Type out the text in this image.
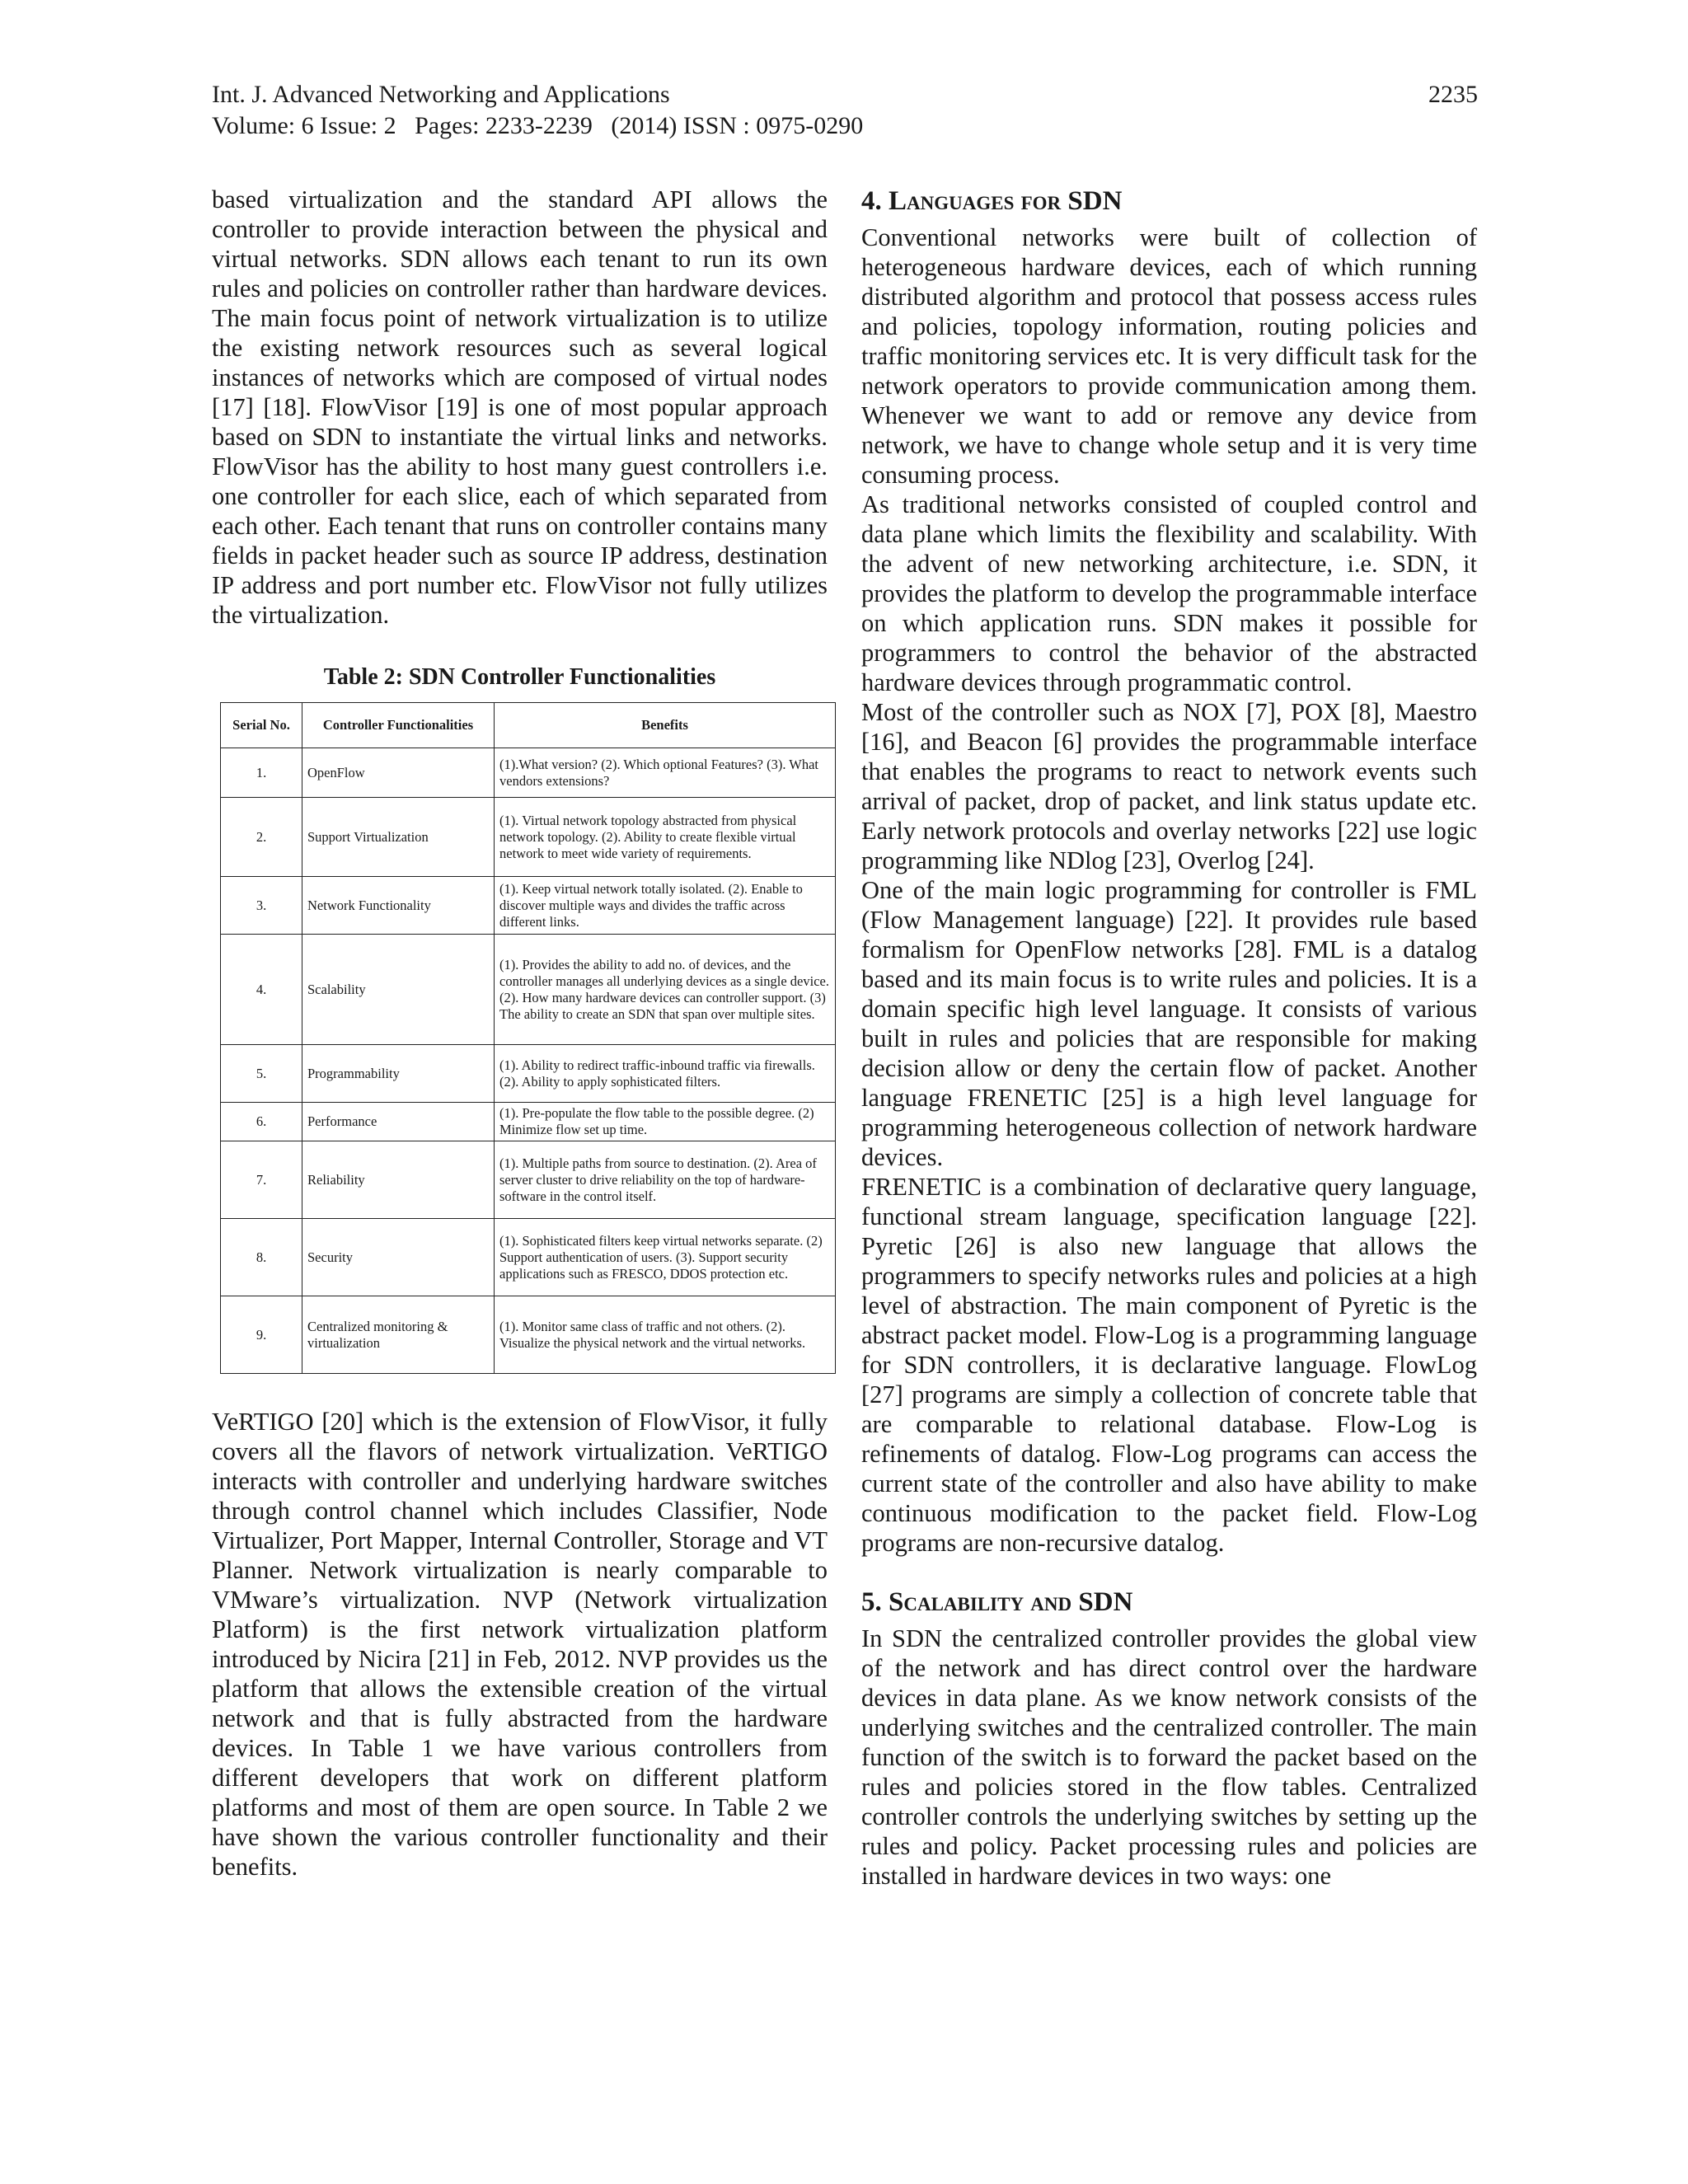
Int. J. Advanced Networking and Applications	2235
Volume: 6 Issue: 2   Pages: 2233-2239   (2014) ISSN : 0975-0290

based virtualization and the standard API allows the controller to provide interaction between the physical and virtual networks. SDN allows each tenant to run its own rules and policies on controller rather than hardware devices. The main focus point of network virtualization is to utilize the existing network resources such as several logical instances of networks which are composed of virtual nodes [17] [18]. FlowVisor [19] is one of most popular approach based on SDN to instantiate the virtual links and networks. FlowVisor has the ability to host many guest controllers i.e. one controller for each slice, each of which separated from each other. Each tenant that runs on controller contains many fields in packet header such as source IP address, destination IP address and port number etc. FlowVisor not fully utilizes the virtualization.

Table 2: SDN Controller Functionalities
Serial No.	Controller Functionalities	Benefits
1.	OpenFlow	(1).What version? (2). Which optional Features? (3). What vendors extensions?
2.	Support Virtualization	(1). Virtual network topology abstracted from physical network topology. (2). Ability to create flexible virtual network to meet wide variety of requirements.
3.	Network Functionality	(1). Keep virtual network totally isolated. (2). Enable to discover multiple ways and divides the traffic across different links.
4.	Scalability	(1). Provides the ability to add no. of devices, and the controller manages all underlying devices as a single device. (2). How many hardware devices can controller support. (3) The ability to create an SDN that span over multiple sites.
5.	Programmability	(1). Ability to redirect traffic-inbound traffic via firewalls. (2). Ability to apply sophisticated filters.
6.	Performance	(1). Pre-populate the flow table to the possible degree. (2) Minimize flow set up time.
7.	Reliability	(1). Multiple paths from source to destination. (2). Area of server cluster to drive reliability on the top of hardware-software in the control itself.
8.	Security	(1). Sophisticated filters keep virtual networks separate. (2) Support authentication of users. (3). Support security applications such as FRESCO, DDOS protection etc.
9.	Centralized monitoring & virtualization	(1). Monitor same class of traffic and not others. (2). Visualize the physical network and the virtual networks.

VeRTIGO [20] which is the extension of FlowVisor, it fully covers all the flavors of network virtualization. VeRTIGO interacts with controller and underlying hardware switches through control channel which includes Classifier, Node Virtualizer, Port Mapper, Internal Controller, Storage and VT Planner. Network virtualization is nearly comparable to VMware’s virtualization. NVP (Network virtualization Platform) is the first network virtualization platform introduced by Nicira [21] in Feb, 2012. NVP provides us the platform that allows the extensible creation of the virtual network and that is fully abstracted from the hardware devices. In Table 1 we have various controllers from different developers that work on different platform platforms and most of them are open source. In Table 2 we have shown the various controller functionality and their benefits.

4. Languages for SDN

Conventional networks were built of collection of heterogeneous hardware devices, each of which running distributed algorithm and protocol that possess access rules and policies, topology information, routing policies and traffic monitoring services etc. It is very difficult task for the network operators to provide communication among them. Whenever we want to add or remove any device from network, we have to change whole setup and it is very time consuming process.

As traditional networks consisted of coupled control and data plane which limits the flexibility and scalability. With the advent of new networking architecture, i.e. SDN, it provides the platform to develop the programmable interface on which application runs. SDN makes it possible for programmers to control the behavior of the abstracted hardware devices through programmatic control.

Most of the controller such as NOX [7], POX [8], Maestro [16], and Beacon [6] provides the programmable interface that enables the programs to react to network events such arrival of packet, drop of packet, and link status update etc. Early network protocols and overlay networks [22] use logic programming like NDlog [23], Overlog [24].

One of the main logic programming for controller is FML (Flow Management language) [22]. It provides rule based formalism for OpenFlow networks [28]. FML is a datalog based and its main focus is to write rules and policies. It is a domain specific high level language. It consists of various built in rules and policies that are responsible for making decision allow or deny the certain flow of packet. Another language FRENETIC [25] is a high level language for programming heterogeneous collection of network hardware devices.

FRENETIC is a combination of declarative query language, functional stream language, specification language [22]. Pyretic [26] is also new language that allows the programmers to specify networks rules and policies at a high level of abstraction. The main component of Pyretic is the abstract packet model. Flow-Log is a programming language for SDN controllers, it is declarative language. FlowLog [27] programs are simply a collection of concrete table that are comparable to relational database. Flow-Log is refinements of datalog. Flow-Log programs can access the current state of the controller and also have ability to make continuous modification to the packet field. Flow-Log programs are non-recursive datalog.

5. Scalability and SDN

In SDN the centralized controller provides the global view of the network and has direct control over the hardware devices in data plane. As we know network consists of the underlying switches and the centralized controller. The main function of the switch is to forward the packet based on the rules and policies stored in the flow tables. Centralized controller controls the underlying switches by setting up the rules and policy. Packet processing rules and policies are installed in hardware devices in two ways: one
